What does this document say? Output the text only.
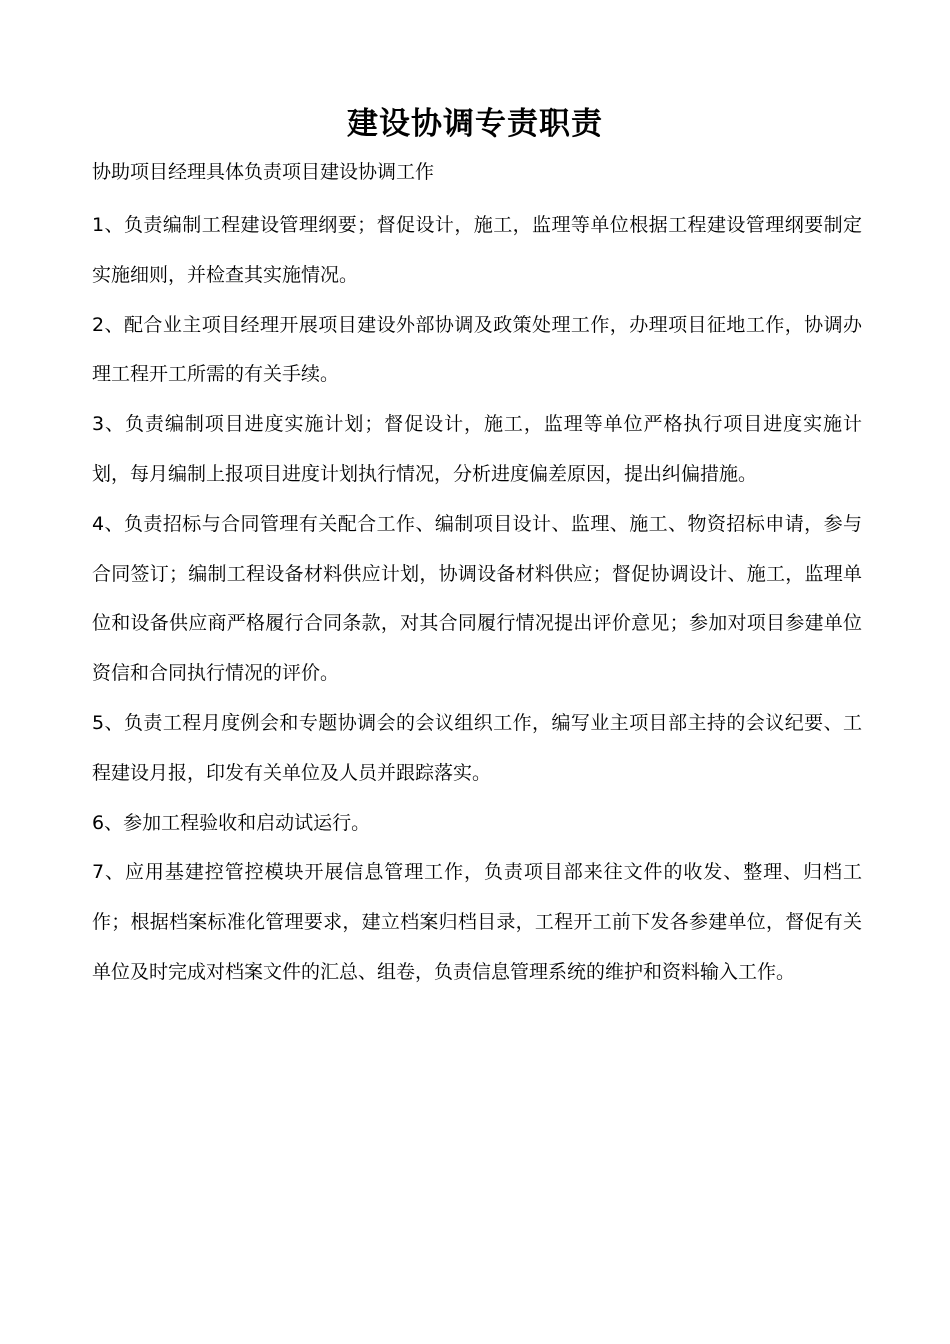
建设协调专责职责
协助项目经理具体负责项目建设协调工作

1、负责编制工程建设管理纲要；督促设计，施工，监理等单位根据工程建设管理纲要制定实施细则，并检查其实施情况。

2、配合业主项目经理开展项目建设外部协调及政策处理工作，办理项目征地工作，协调办理工程开工所需的有关手续。

3、负责编制项目进度实施计划；督促设计，施工，监理等单位严格执行项目进度实施计划，每月编制上报项目进度计划执行情况，分析进度偏差原因，提出纠偏措施。

4、负责招标与合同管理有关配合工作、编制项目设计、监理、施工、物资招标申请，参与合同签订；编制工程设备材料供应计划，协调设备材料供应；督促协调设计、施工，监理单位和设备供应商严格履行合同条款，对其合同履行情况提出评价意见；参加对项目参建单位资信和合同执行情况的评价。

5、负责工程月度例会和专题协调会的会议组织工作，编写业主项目部主持的会议纪要、工程建设月报，印发有关单位及人员并跟踪落实。

6、参加工程验收和启动试运行。

7、应用基建控管控模块开展信息管理工作，负责项目部来往文件的收发、整理、归档工作；根据档案标准化管理要求，建立档案归档目录，工程开工前下发各参建单位，督促有关单位及时完成对档案文件的汇总、组卷，负责信息管理系统的维护和资料输入工作。
